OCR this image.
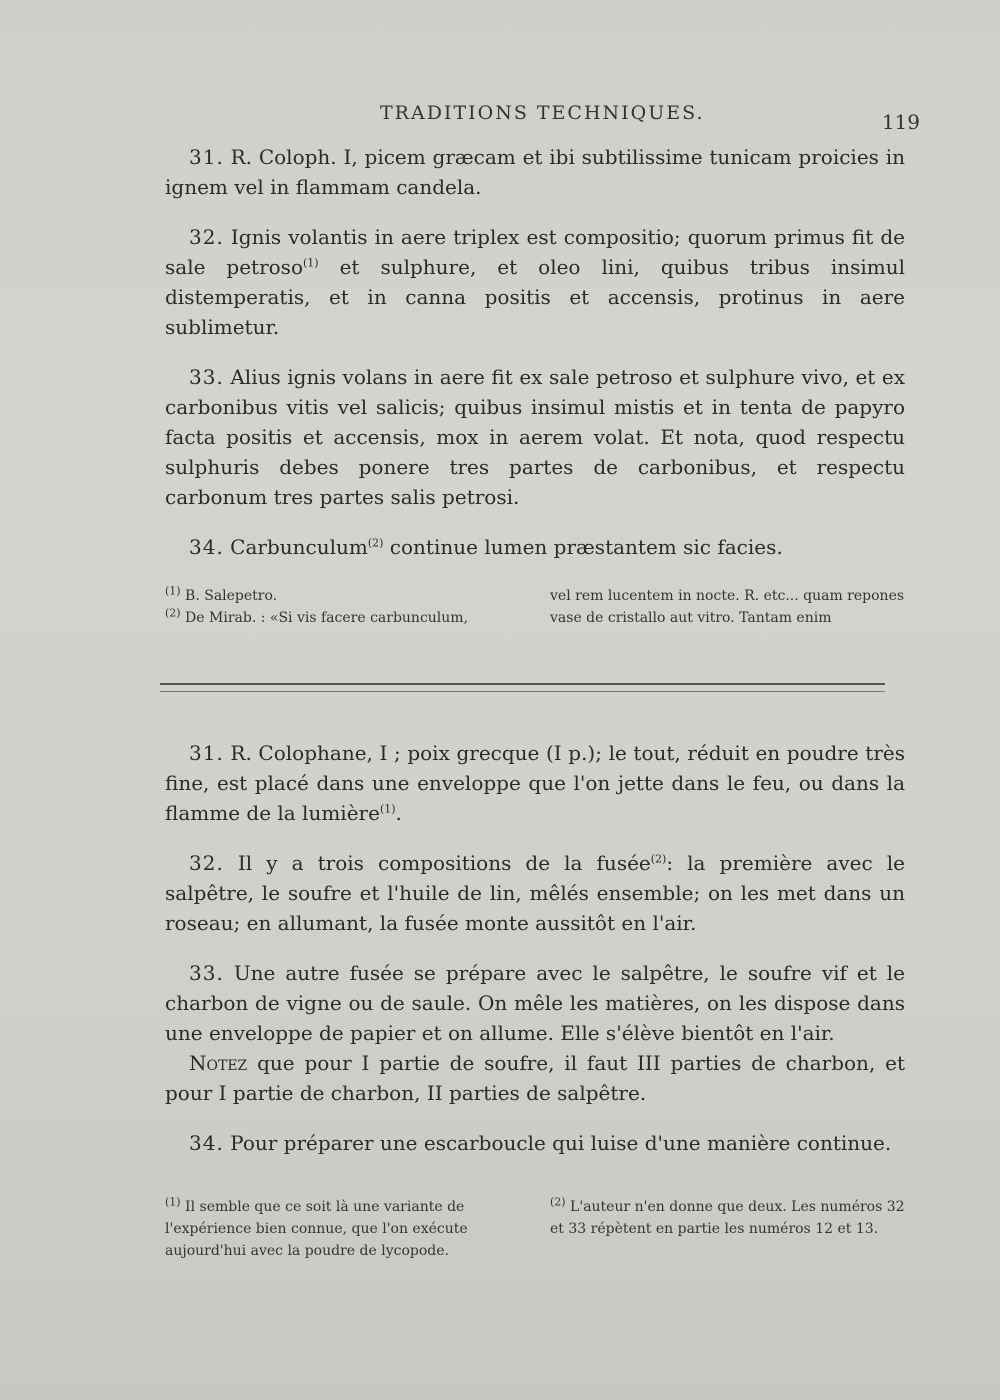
TRADITIONS TECHNIQUES.	119

31. R. Coloph. I, picem græcam et ibi subtilissime tunicam proicies in ignem vel in flammam candela.

32. Ignis volantis in aere triplex est compositio; quorum primus fit de sale petroso$^{(1)}$ et sulphure, et oleo lini, quibus tribus insimul distemperatis, et in canna positis et accensis, protinus in aere sublimetur.

33. Alius ignis volans in aere fit ex sale petroso et sulphure vivo, et ex carbonibus vitis vel salicis; quibus insimul mistis et in tenta de papyro facta positis et accensis, mox in aerem volat. Et nota, quod respectu sulphuris debes ponere tres partes de carbonibus, et respectu carbonum tres partes salis petrosi.

34. Carbunculum$^{(2)}$ continue lumen præstantem sic facies.

$^{(1)}$ B. Salepetro.

$^{(2)}$ De Mirab. : «Si vis facere carbunculum,

vel rem lucentem in nocte. R. etc... quam repones vase de cristallo aut vitro. Tantam enim

31. R. Colophane, I ; poix grecque (I p.); le tout, réduit en poudre très fine, est placé dans une enveloppe que l'on jette dans le feu, ou dans la flamme de la lumière$^{(1)}$.

32. Il y a trois compositions de la fusée$^{(2)}$: la première avec le salpêtre, le soufre et l'huile de lin, mêlés ensemble; on les met dans un roseau; en allumant, la fusée monte aussitôt en l'air.

33. Une autre fusée se prépare avec le salpêtre, le soufre vif et le charbon de vigne ou de saule. On mêle les matières, on les dispose dans une enveloppe de papier et on allume. Elle s'élève bientôt en l'air.

Notez que pour I partie de soufre, il faut III parties de charbon, et pour I partie de charbon, II parties de salpêtre.

34. Pour préparer une escarboucle qui luise d'une manière continue.

$^{(1)}$ Il semble que ce soit là une variante de l'expérience bien connue, que l'on exécute aujourd'hui avec la poudre de lycopode.

$^{(2)}$ L'auteur n'en donne que deux. Les numéros 32 et 33 répètent en partie les numéros 12 et 13.
